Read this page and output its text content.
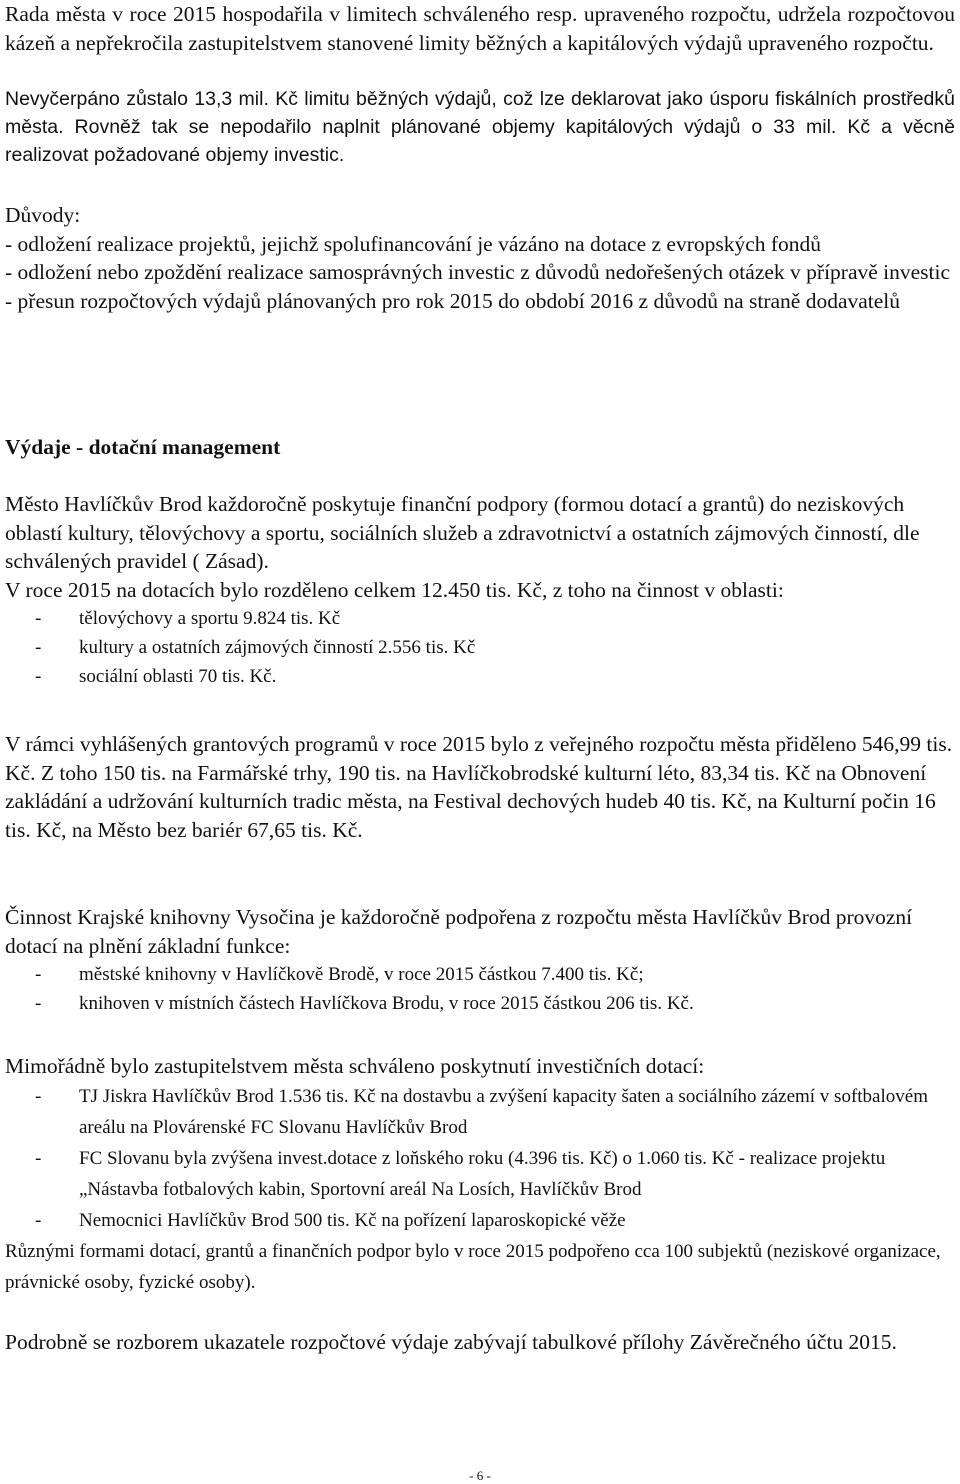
Rada města v roce 2015 hospodařila v limitech schváleného resp. upraveného rozpočtu, udržela rozpočtovou kázeň a nepřekročila zastupitelstvem stanovené limity běžných a kapitálových výdajů upraveného rozpočtu.

Nevyčerpáno zůstalo 13,3 mil. Kč limitu běžných výdajů, což lze deklarovat jako úsporu fiskálních prostředků města. Rovněž tak se nepodařilo naplnit plánované objemy kapitálových výdajů o 33 mil. Kč a věcně realizovat požadované objemy investic.

Důvody:
- odložení realizace projektů, jejichž spolufinancování je vázáno na dotace z evropských fondů
- odložení nebo zpoždění realizace samosprávných investic z důvodů nedořešených otázek v přípravě investic
- přesun rozpočtových výdajů plánovaných pro rok 2015 do období 2016 z důvodů na straně dodavatelů
Výdaje - dotační management
Město Havlíčkův Brod každoročně poskytuje finanční podpory (formou dotací a grantů) do neziskových oblastí kultury, tělovýchovy a sportu, sociálních služeb a zdravotnictví a ostatních zájmových činností, dle schválených pravidel ( Zásad).
V roce 2015 na dotacích bylo rozděleno celkem 12.450 tis. Kč, z toho na činnost v oblasti:
- tělovýchovy a sportu 9.824 tis. Kč
- kultury a ostatních zájmových činností 2.556 tis. Kč
- sociální oblasti 70 tis. Kč.

V rámci vyhlášených grantových programů v roce 2015 bylo z veřejného rozpočtu města přiděleno 546,99 tis. Kč. Z toho 150 tis. na Farmářské trhy, 190 tis. na Havlíčkobrodské kulturní léto, 83,34 tis. Kč na Obnovení zakládání a udržování kulturních tradic města, na Festival dechových hudeb 40 tis. Kč, na Kulturní počin 16 tis. Kč, na Město bez bariér 67,65 tis. Kč.

Činnost Krajské knihovny Vysočina je každoročně podpořena z rozpočtu města Havlíčkův Brod provozní dotací na plnění základní funkce:
- městské knihovny v Havlíčkově Brodě, v roce 2015 částkou 7.400 tis. Kč;
- knihoven v místních částech Havlíčkova Brodu, v roce 2015 částkou 206 tis. Kč.
Mimořádně bylo zastupitelstvem města schváleno poskytnutí investičních dotací:
- TJ Jiskra Havlíčkův Brod 1.536 tis. Kč na dostavbu a zvýšení kapacity šaten a sociálního zázemí v softbalovém areálu na Plovárenské FC Slovanu Havlíčkův Brod
- FC Slovanu byla zvýšena invest.dotace z loňského roku (4.396 tis. Kč) o 1.060 tis. Kč - realizace projektu „Nástavba fotbalových kabin, Sportovní areál Na Losích, Havlíčkův Brod
- Nemocnici Havlíčkův Brod 500 tis. Kč na pořízení laparoskopické věže
Různými formami dotací, grantů a finančních podpor bylo v roce 2015 podpořeno cca 100 subjektů (neziskové organizace, právnické osoby, fyzické osoby).

Podrobně se rozborem ukazatele rozpočtové výdaje zabývají tabulkové přílohy Závěrečného účtu 2015.

- 6 -
